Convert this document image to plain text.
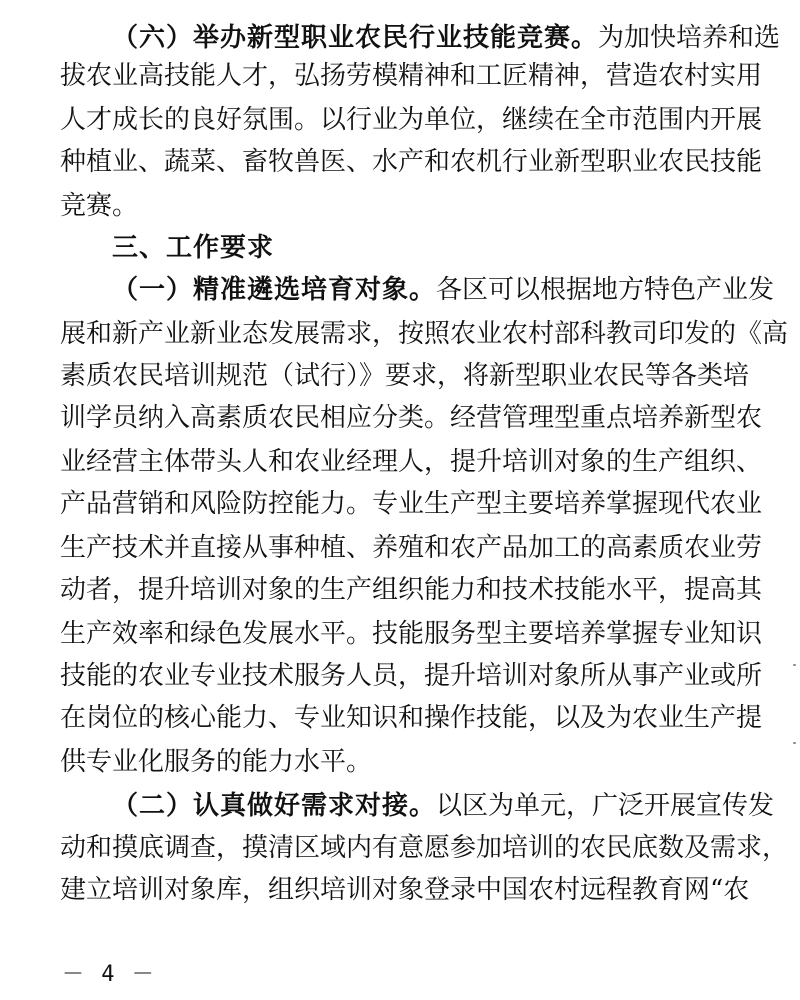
（六）举办新型职业农民行业技能竞赛。为加快培养和选
拔农业高技能人才，弘扬劳模精神和工匠精神，营造农村实用
人才成长的良好氛围。以行业为单位，继续在全市范围内开展
种植业、蔬菜、畜牧兽医、水产和农机行业新型职业农民技能
竞赛。
三、工作要求
（一）精准遴选培育对象。各区可以根据地方特色产业发
展和新产业新业态发展需求，按照农业农村部科教司印发的《高
素质农民培训规范（试行）》要求，将新型职业农民等各类培
训学员纳入高素质农民相应分类。经营管理型重点培养新型农
业经营主体带头人和农业经理人，提升培训对象的生产组织、
产品营销和风险防控能力。专业生产型主要培养掌握现代农业
生产技术并直接从事种植、养殖和农产品加工的高素质农业劳
动者，提升培训对象的生产组织能力和技术技能水平，提高其
生产效率和绿色发展水平。技能服务型主要培养掌握专业知识
技能的农业专业技术服务人员，提升培训对象所从事产业或所
在岗位的核心能力、专业知识和操作技能，以及为农业生产提
供专业化服务的能力水平。
（二）认真做好需求对接。以区为单元，广泛开展宣传发
动和摸底调查，摸清区域内有意愿参加培训的农民底数及需求，
建立培训对象库，组织培训对象登录中国农村远程教育网“农
－ 4 －
